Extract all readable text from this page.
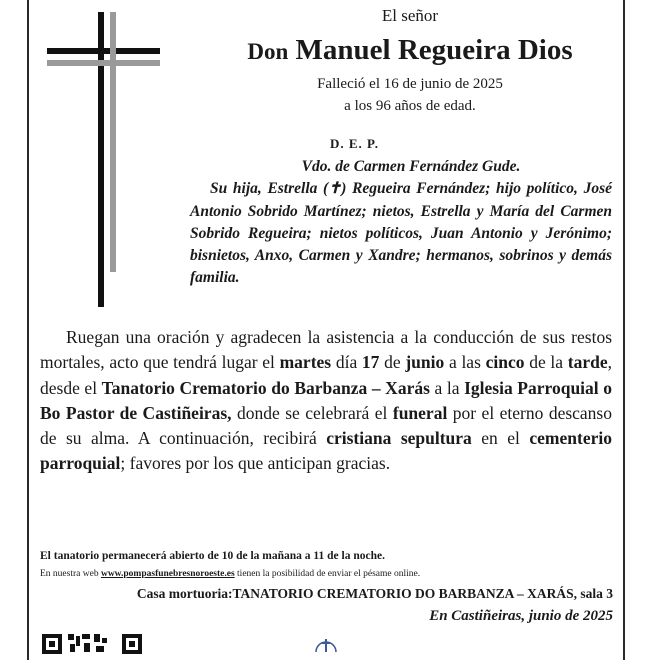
El señor
Don Manuel Regueira Dios
Falleció el 16 de junio de 2025
a los 96 años de edad.
D. E. P.

Vdo. de Carmen Fernández Gude.

Su hija, Estrella (✝) Regueira Fernández; hijo político, José Antonio Sobrido Martínez; nietos, Estrella y María del Carmen Sobrido Regueira; nietos políticos, Juan Antonio y Jerónimo; bisnietos, Anxo, Carmen y Xandre; hermanos, sobrinos y demás familia.

Ruegan una oración y agradecen la asistencia a la conducción de sus restos mortales, acto que tendrá lugar el martes día 17 de junio a las cinco de la tarde, desde el Tanatorio Crematorio do Barbanza – Xarás a la Iglesia Parroquial o Bo Pastor de Castiñeiras, donde se celebrará el funeral por el eterno descanso de su alma. A continuación, recibirá cristiana sepultura en el cementerio parroquial; favores por los que anticipan gracias.

El tanatorio permanecerá abierto de 10 de la mañana a 11 de la noche.
En nuestra web www.pompasfunebresnoroeste.es tienen la posibilidad de enviar el pésame online.
Casa mortuoria:TANATORIO CREMATORIO DO BARBANZA – XARÁS, sala 3
En Castiñeiras, junio de 2025
